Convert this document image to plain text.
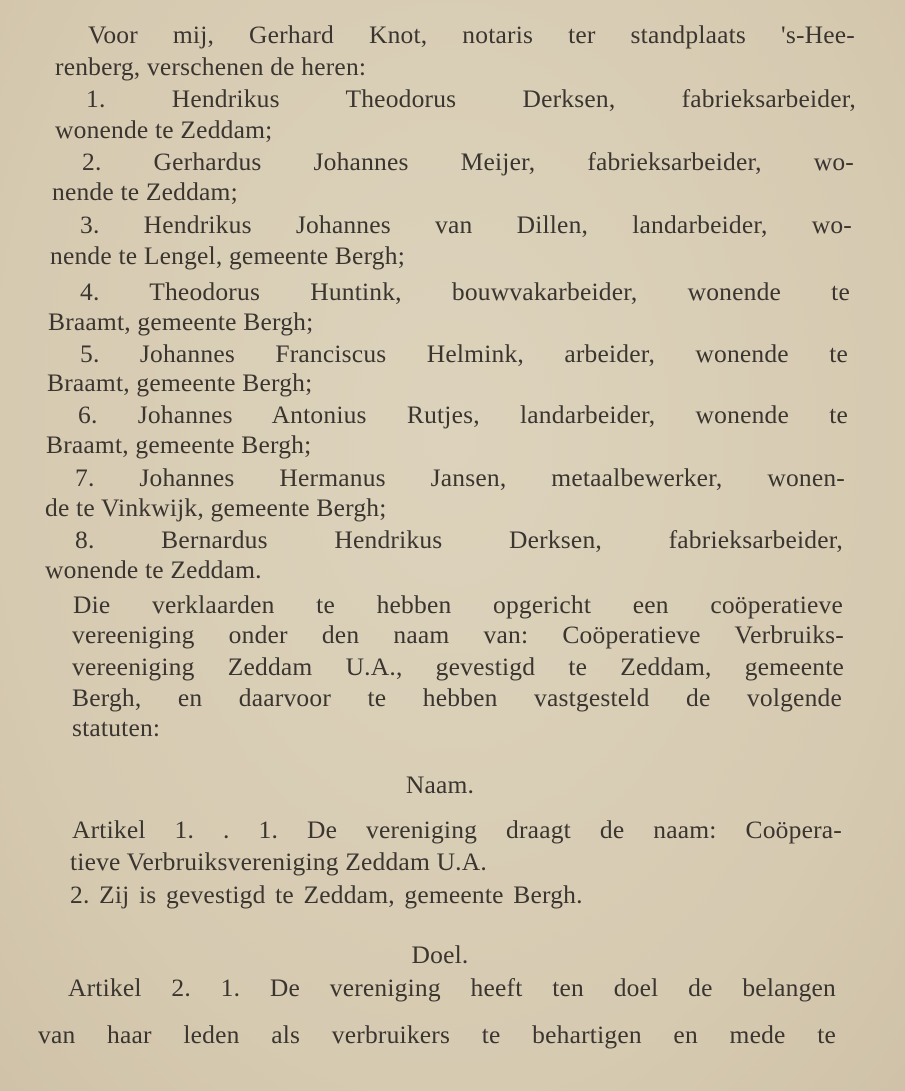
Voor mij, Gerhard Knot, notaris ter standplaats 's-Hee-
renberg, verschenen de heren:
1. Hendrikus Theodorus Derksen, fabrieksarbeider,
wonende te Zeddam;
2. Gerhardus Johannes Meijer, fabrieksarbeider, wo-
nende te Zeddam;
3. Hendrikus Johannes van Dillen, landarbeider, wo-
nende te Lengel, gemeente Bergh;
4. Theodorus Huntink, bouwvakarbeider, wonende te
Braamt, gemeente Bergh;
5. Johannes Franciscus Helmink, arbeider, wonende te
Braamt, gemeente Bergh;
6. Johannes Antonius Rutjes, landarbeider, wonende te
Braamt, gemeente Bergh;
7. Johannes Hermanus Jansen, metaalbewerker, wonen-
de te Vinkwijk, gemeente Bergh;
8. Bernardus Hendrikus Derksen, fabrieksarbeider,
wonende te Zeddam.
Die verklaarden te hebben opgericht een coöperatieve
vereeniging onder den naam van: Coöperatieve Verbruiks-
vereeniging Zeddam U.A., gevestigd te Zeddam, gemeente
Bergh, en daarvoor te hebben vastgesteld de volgende
statuten:
Naam.
Artikel 1. . 1. De vereniging draagt de naam: Coöpera-
tieve Verbruiksvereniging Zeddam U.A.
2. Zij is gevestigd te Zeddam, gemeente Bergh.
Doel.
Artikel 2. 1. De vereniging heeft ten doel de belangen
van haar leden als verbruikers te behartigen en mede te
